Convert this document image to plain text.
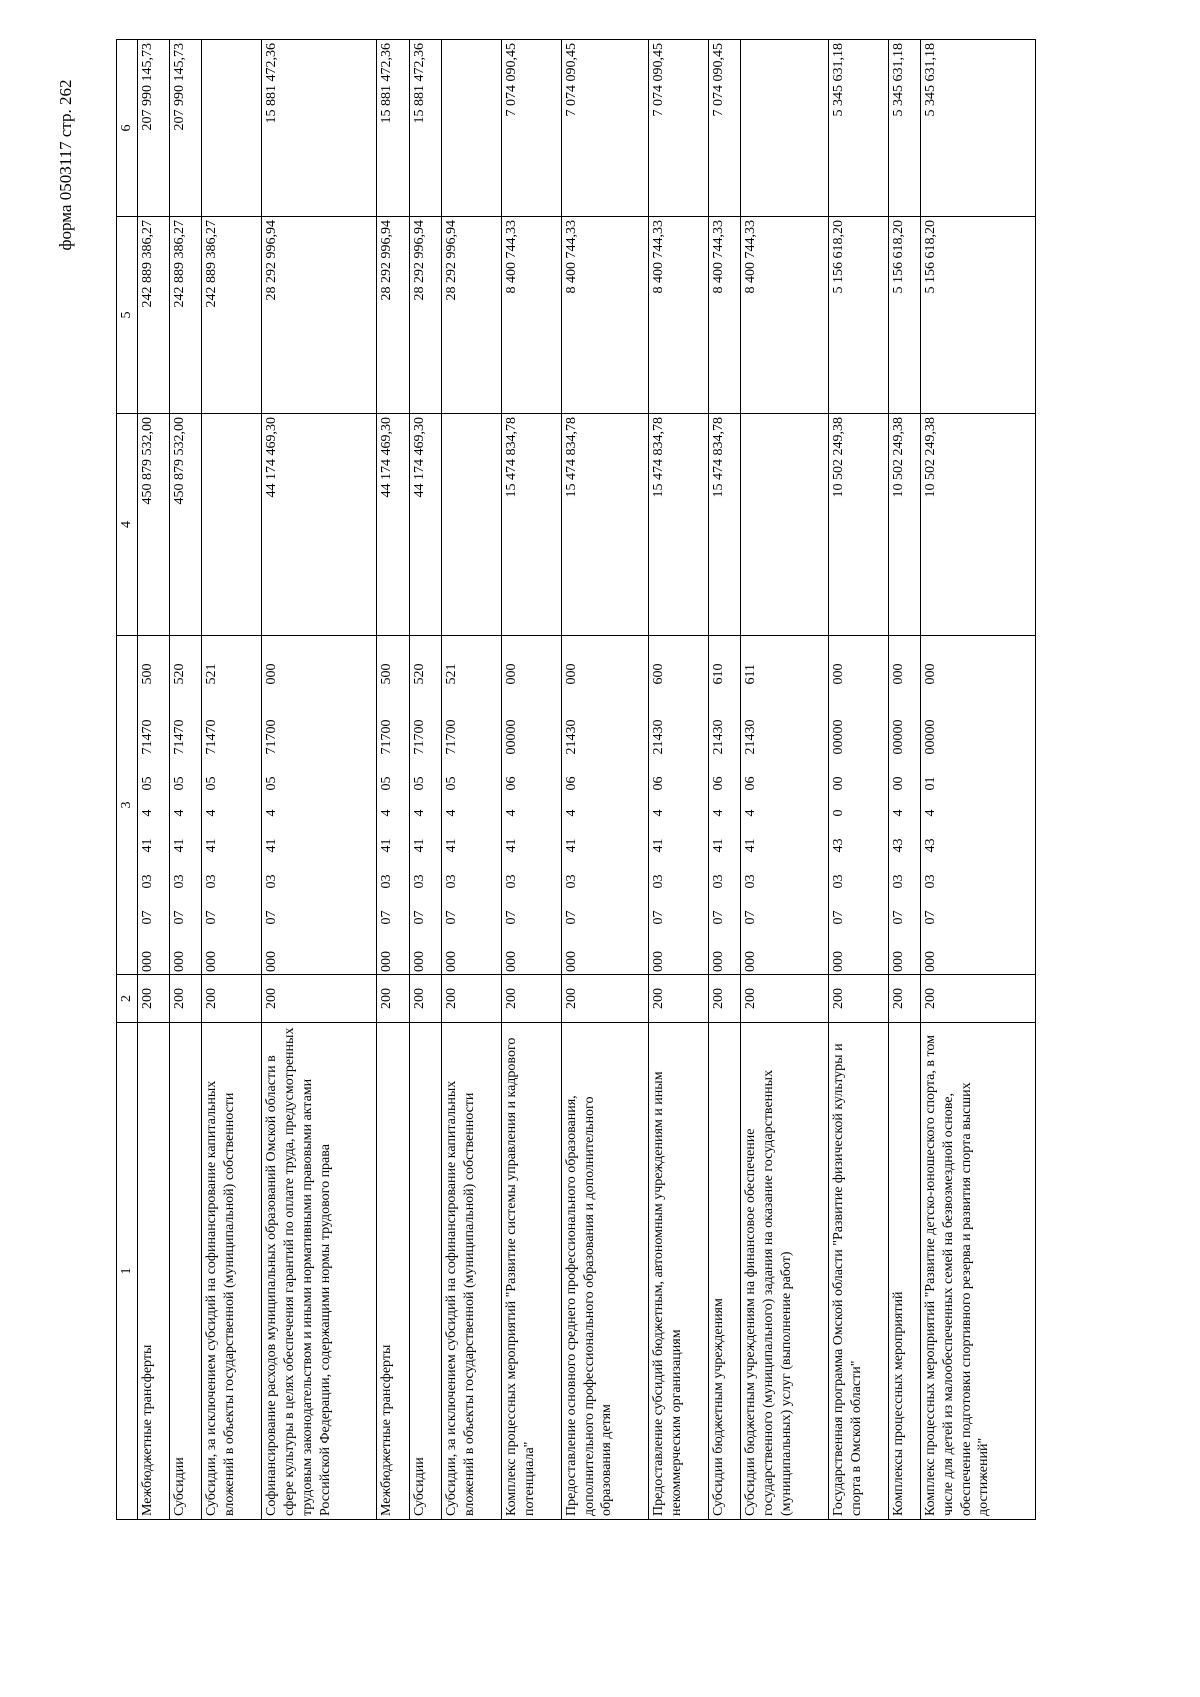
форма 0503117 стр. 262
1	2	3								4	5	6
Межбюджетные трансферты	200	000	07	03	41	4	05	71470	500	450 879 532,00	242 889 386,27	207 990 145,73
Субсидии	200	000	07	03	41	4	05	71470	520	450 879 532,00	242 889 386,27	207 990 145,73
Субсидии, за исключением субсидий на софинансирование капитальных вложений в объекты государственной (муниципальной) собственности	200	000	07	03	41	4	05	71470	521		242 889 386,27	
Софинансирование расходов муниципальных образований Омской области в сфере культуры в целях обеспечения гарантий по оплате труда, предусмотренных трудовым законодательством и иными нормативными правовыми актами Российской Федерации, содержащими нормы трудового права	200	000	07	03	41	4	05	71700	000	44 174 469,30	28 292 996,94	15 881 472,36
Межбюджетные трансферты	200	000	07	03	41	4	05	71700	500	44 174 469,30	28 292 996,94	15 881 472,36
Субсидии	200	000	07	03	41	4	05	71700	520	44 174 469,30	28 292 996,94	15 881 472,36
Субсидии, за исключением субсидий на софинансирование капитальных вложений в объекты государственной (муниципальной) собственности	200	000	07	03	41	4	05	71700	521		28 292 996,94	
Комплекс процессных мероприятий "Развитие системы управления и кадрового потенциала"	200	000	07	03	41	4	06	00000	000	15 474 834,78	8 400 744,33	7 074 090,45
Предоставление основного среднего профессионального образования, дополнительного профессионального образования и дополнительного образования детям	200	000	07	03	41	4	06	21430	000	15 474 834,78	8 400 744,33	7 074 090,45
Предоставление субсидий бюджетным, автономным учреждениям и иным некоммерческим организациям	200	000	07	03	41	4	06	21430	600	15 474 834,78	8 400 744,33	7 074 090,45
Субсидии бюджетным учреждениям	200	000	07	03	41	4	06	21430	610	15 474 834,78	8 400 744,33	7 074 090,45
Субсидии бюджетным учреждениям на финансовое обеспечение государственного (муниципального) задания на оказание государственных (муниципальных) услуг (выполнение работ)	200	000	07	03	41	4	06	21430	611		8 400 744,33	
Государственная программа Омской области "Развитие физической культуры и спорта в Омской области"	200	000	07	03	43	0	00	00000	000	10 502 249,38	5 156 618,20	5 345 631,18
Комплексы процессных мероприятий	200	000	07	03	43	4	00	00000	000	10 502 249,38	5 156 618,20	5 345 631,18
Комплекс процессных мероприятий "Развитие детско-юношеского спорта, в том числе для детей из малообеспеченных семей на безвозмездной основе, обеспечение подготовки спортивного резерва и развития спорта высших достижений"	200	000	07	03	43	4	01	00000	000	10 502 249,38	5 156 618,20	5 345 631,18
